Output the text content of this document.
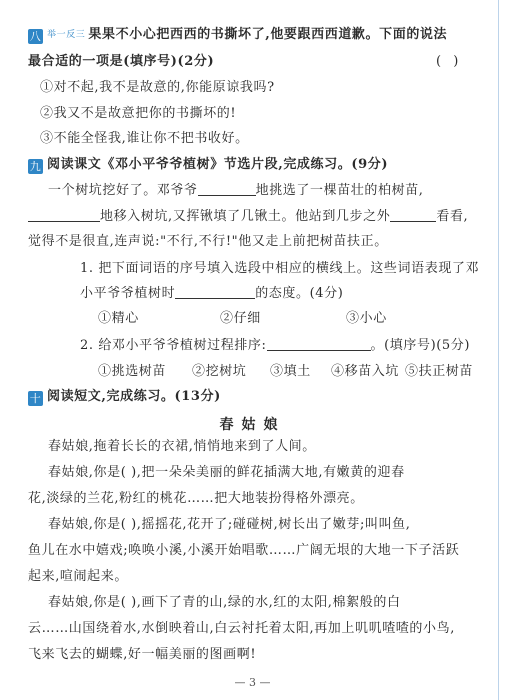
八 举一反三 果果不小心把西西的书撕坏了,他要跟西西道歉。下面的说法
最合适的一项是(填序号)(2分)	( )
①对不起,我不是故意的,你能原谅我吗?
②我又不是故意把你的书撕坏的!
③不能全怪我,谁让你不把书收好。
九 阅读课文《邓小平爷爷植树》节选片段,完成练习。(9分)
一个树坑挖好了。邓爷爷	地挑选了一棵苗壮的柏树苗,
地移入树坑,又挥锹填了几锹土。他站到几步之外	看看,
觉得不是很直,连声说:"不行,不行!"他又走上前把树苗扶正。
1. 把下面词语的序号填入选段中相应的横线上。这些词语表现了邓
小平爷爷植树时	的态度。(4分)
①精心	②仔细	③小心
2. 给邓小平爷爷植树过程排序:	。(填序号)(5分)
①挑选树苗 ②挖树坑 ③填土 ④移苗入坑 ⑤扶正树苗
十 阅读短文,完成练习。(13分)
春姑娘
春姑娘,拖着长长的衣裙,悄悄地来到了人间。
春姑娘,你是( ),把一朵朵美丽的鲜花插满大地,有嫩黄的迎春
花,淡绿的兰花,粉红的桃花……把大地装扮得格外漂亮。
春姑娘,你是( ),摇摇花,花开了;碰碰树,树长出了嫩芽;叫叫鱼,
鱼儿在水中嬉戏;唤唤小溪,小溪开始唱歌……广阔无垠的大地一下子活跃
起来,喧闹起来。
春姑娘,你是( ),画下了青的山,绿的水,红的太阳,棉絮般的白
云……山国绕着水,水倒映着山,白云衬托着太阳,再加上叽叽喳喳的小鸟,
飞来飞去的蝴蝶,好一幅美丽的图画啊!
— 3 —
